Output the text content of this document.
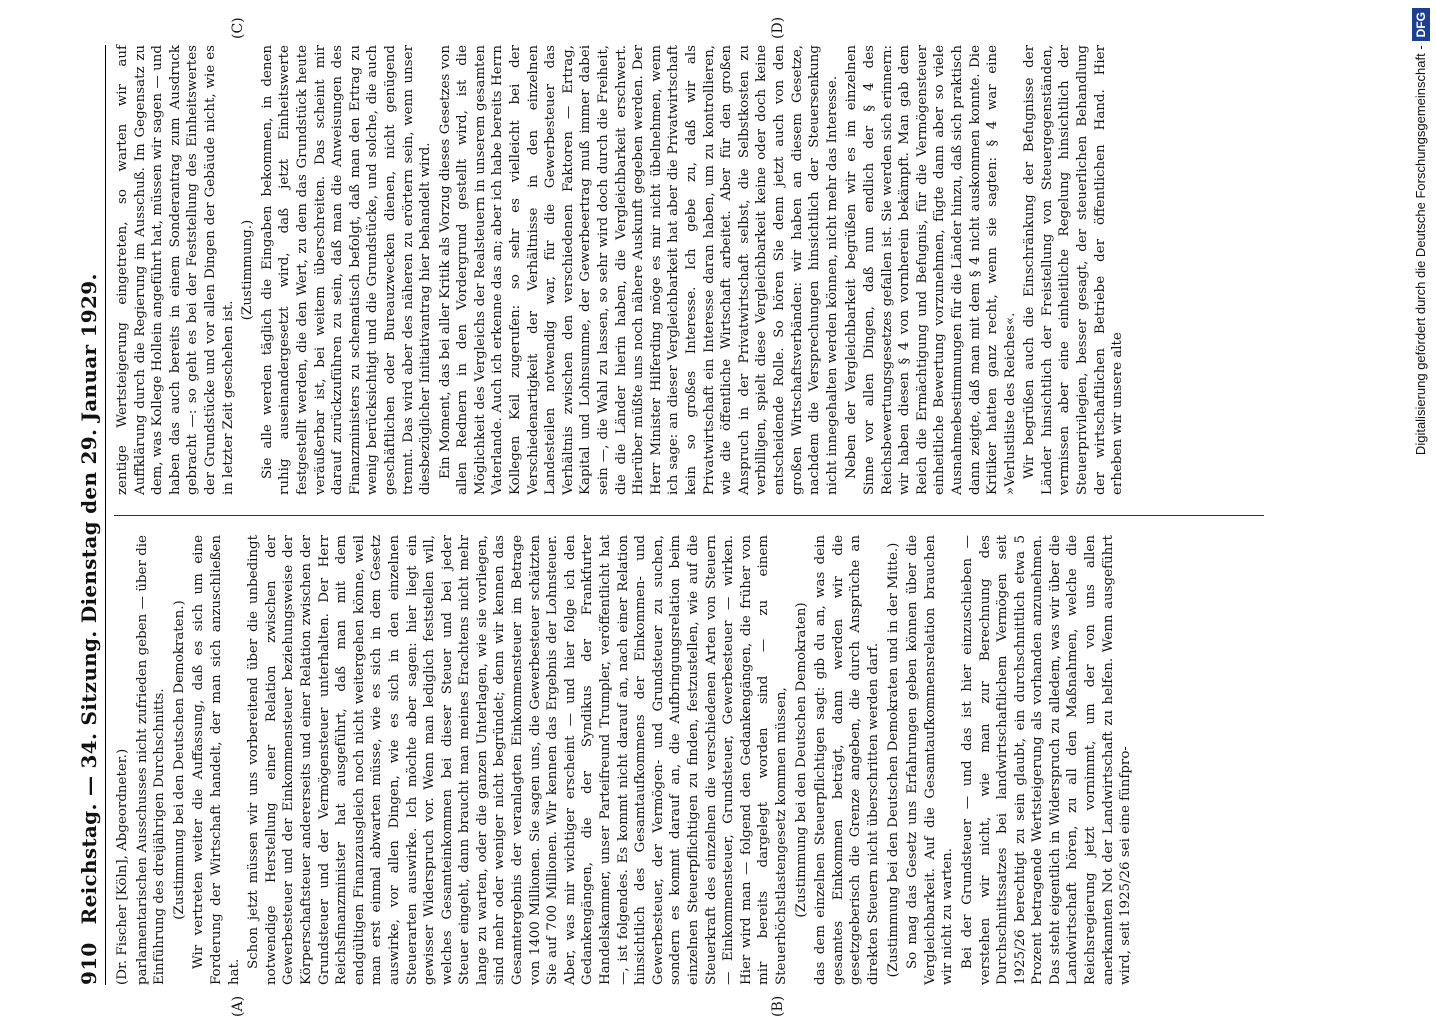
910
Reichstag. — 34. Sitzung. Dienstag den 29. Januar 1929.
(A)	(B)
(C)	(D)

(Dr. Fischer [Köln], Abgeordneter.) parlamentarischen Ausschusses nicht zufrieden geben — über die Einführung des dreijährigen Durchschnitts. (Zustimmung bei den Deutschen Demokraten.) Wir vertreten weiter die Auffassung, daß es sich um eine Forderung der Wirtschaft handelt, der man sich anzuschließen hat.

Schon jetzt müssen wir uns vorbereitend über die unbedingt notwendige Herstellung einer Relation zwischen der Gewerbesteuer und der Einkommensteuer beziehungsweise der Körperschaftsteuer andererseits und einer Relation zwischen der Grundsteuer und der Vermögensteuer unterhalten. Der Herr Reichsfinanzminister hat ausgeführt, daß man mit dem endgültigen Finanzausgleich noch nicht weitergehen könne, weil man erst einmal abwarten müsse, wie es sich in dem Gesetz auswirke, vor allen Dingen, wie es sich in den einzelnen Steuerarten auswirke. Ich möchte aber sagen: hier liegt ein gewisser Widerspruch vor. Wenn man lediglich feststellen will, welches Gesamteinkommen bei dieser Steuer und bei jeder Steuer eingeht, dann braucht man meines Erachtens nicht mehr lange zu warten, oder die ganzen Unterlagen, wie sie vorliegen, sind mehr oder weniger nicht begründet; denn wir kennen das Gesamtergebnis der veranlagten Einkommensteuer im Betrage von 1400 Millionen. Sie sagen uns, die Gewerbesteuer schätzten Sie auf 700 Millionen. Wir kennen das Ergebnis der Lohnsteuer. Aber, was mir wichtiger erscheint — und hier folge ich den Gedankengängen, die der Syndikus der Frankfurter Handelskammer, unser Parteifreund Trumpler, veröffentlicht hat —, ist folgendes. Es kommt nicht darauf an, nach einer Relation hinsichtlich des Gesamtaufkommens der Einkommen- und Gewerbesteuer, der Vermögen- und Grundsteuer zu suchen, sondern es kommt darauf an, die Aufbringungsrelation beim einzelnen Steuerpflichtigen zu finden, festzustellen, wie auf die Steuerkraft des einzelnen die verschiedenen Arten von Steuern — Einkommensteuer, Grundsteuer, Gewerbesteuer — wirken. Hier wird man — folgend den Gedankengängen, die früher von mir bereits dargelegt worden sind — zu einem Steuerhöchstlastengesetz kommen müssen, (Zustimmung bei den Deutschen Demokraten) das dem einzelnen Steuerpflichtigen sagt: gib du an, was dein gesamtes Einkommen beträgt, dann werden wir die gesetzgeberisch die Grenze angeben, die durch Ansprüche an direkten Steuern nicht überschritten werden darf. (Zustimmung bei den Deutschen Demokraten und in der Mitte.) So mag das Gesetz uns Erfahrungen geben können über die Vergleichbarkeit. Auf die Gesamtaufkommensrelation brauchen wir nicht zu warten. Bei der Grundsteuer — und das ist hier einzuschieben — verstehen wir nicht, wie man zur Berechnung des Durchschnittssatzes bei landwirtschaftlichem Vermögen seit 1925/26 berechtigt zu sein glaubt, ein durchschnittlich etwa 5 Prozent betragende Wertsteigerung als vorhanden anzunehmen. Das steht eigentlich in Widerspruch zu alledem, was wir über die Landwirtschaft hören, zu all den Maßnahmen, welche die Reichsregierung jetzt vornimmt, um der von uns allen anerkannten Not der Landwirtschaft zu helfen. Wenn ausgeführt wird, seit 1925/26 sei eine fünfpro-

zentige Wertsteigerung eingetreten, so warten wir auf Auffklärung durch die Regierung im Ausschuß. Im Gegensatz zu dem, was Kollege Hollein angeführt hat, müssen wir sagen — und haben das auch bereits in einem Sonderantrag zum Ausdruck gebracht —: so geht es bei der Feststellung des Einheitswertes der Grundstücke und vor allen Dingen der Gebäude nicht, wie es in letzter Zeit geschehen ist.

(Zustimmung.) Sie alle werden täglich die Eingaben bekommen, in denen ruhig auseinandergesetzt wird, daß jetzt Einheitswerte festgestellt werden, die den Wert, zu dem das Grundstück heute veräußerbar ist, bei weitem überschreiten. Das scheint mir darauf zurückzuführen zu sein, daß man die Anweisungen des Finanzministers zu schematisch befolgt, daß man den Ertrag zu wenig berücksichtigt und die Grundstücke, und solche, die auch geschäftlichen oder Bureauzwecken dienen, nicht genügend trennt. Das wird aber des näheren zu erörtern sein, wenn unser diesbezüglicher Initiativantrag hier behandelt wird. Ein Moment, das bei aller Kritik als Vorzug dieses Gesetzes von allen Rednern in den Vordergrund gestellt wird, ist die Möglichkeit des Vergleichs der Realsteuern in unserem gesamten Vaterlande. Auch ich erkenne das an; aber ich habe bereits Herrn Kollegen Keil zugerufen: so sehr es vielleicht bei der Verschiedenartigkeit der Verhältnisse in den einzelnen Landesteilen notwendig war, für die Gewerbesteuer das Verhältnis zwischen den verschiedenen Faktoren — Ertrag, Kapital und Lohnsumme, der Gewerbeertrag muß immer dabei sein —, die Wahl zu lassen, so sehr wird doch durch die Freiheit, die die Länder hierin haben, die Vergleichbarkeit erschwert. Hierüber müßte uns noch nähere Auskunft gegeben werden. Der Herr Minister Hilferding möge es mir nicht übelnehmen, wenn ich sage: an dieser Vergleichbarkeit hat aber die Privatwirtschaft kein so großes Interesse. Ich gebe zu, daß wir als Privatwirtschaft ein Interesse daran haben, um zu kontrollieren, wie die öffentliche Wirtschaft arbeitet. Aber für den großen Anspruch in der Privatwirtschaft selbst, die Selbstkosten zu verbilligen, spielt diese Vergleichbarkeit keine oder doch keine entscheidende Rolle. So hören Sie denn jetzt auch von den großen Wirtschaftsverbänden: wir haben an diesem Gesetze, nachdem die Versprechungen hinsichtlich der Steuersenkung nicht innegehalten werden können, nicht mehr das Interesse. Neben der Vergleichbarkeit begrüßen wir es im einzelnen Sinne vor allen Dingen, daß nun endlich der § 4 des Reichsbewertungsgesetzes gefallen ist. Sie werden sich erinnern: wir haben diesen § 4 von vornherein bekämpft. Man gab dem Reich die Ermächtigung und Befugnis, für die Vermögensteuer einheitliche Bewertung vorzunehmen, fügte dann aber so viele Ausnahmebestimmungen für die Länder hinzu, daß sich praktisch dann zeigte, daß man mit dem § 4 nicht auskommen konnte. Die Kritiker hatten ganz recht, wenn sie sagten: § 4 war eine »Verlustliste des Reiches«. Wir begrüßen auch die Einschränkung der Befugnisse der Länder hinsichtlich der Freistellung von Steuergegenständen, vermissen aber eine einheitliche Regelung hinsichtlich der Steuerprivilegien, besser gesagt, der steuerlichen Behandlung der wirtschaftlichen Betriebe der öffentlichen Hand. Hier erheben wir unsere alte	Digitalisierung gefördert durch die Deutsche Forschungsgemeinschaft -
DFG
